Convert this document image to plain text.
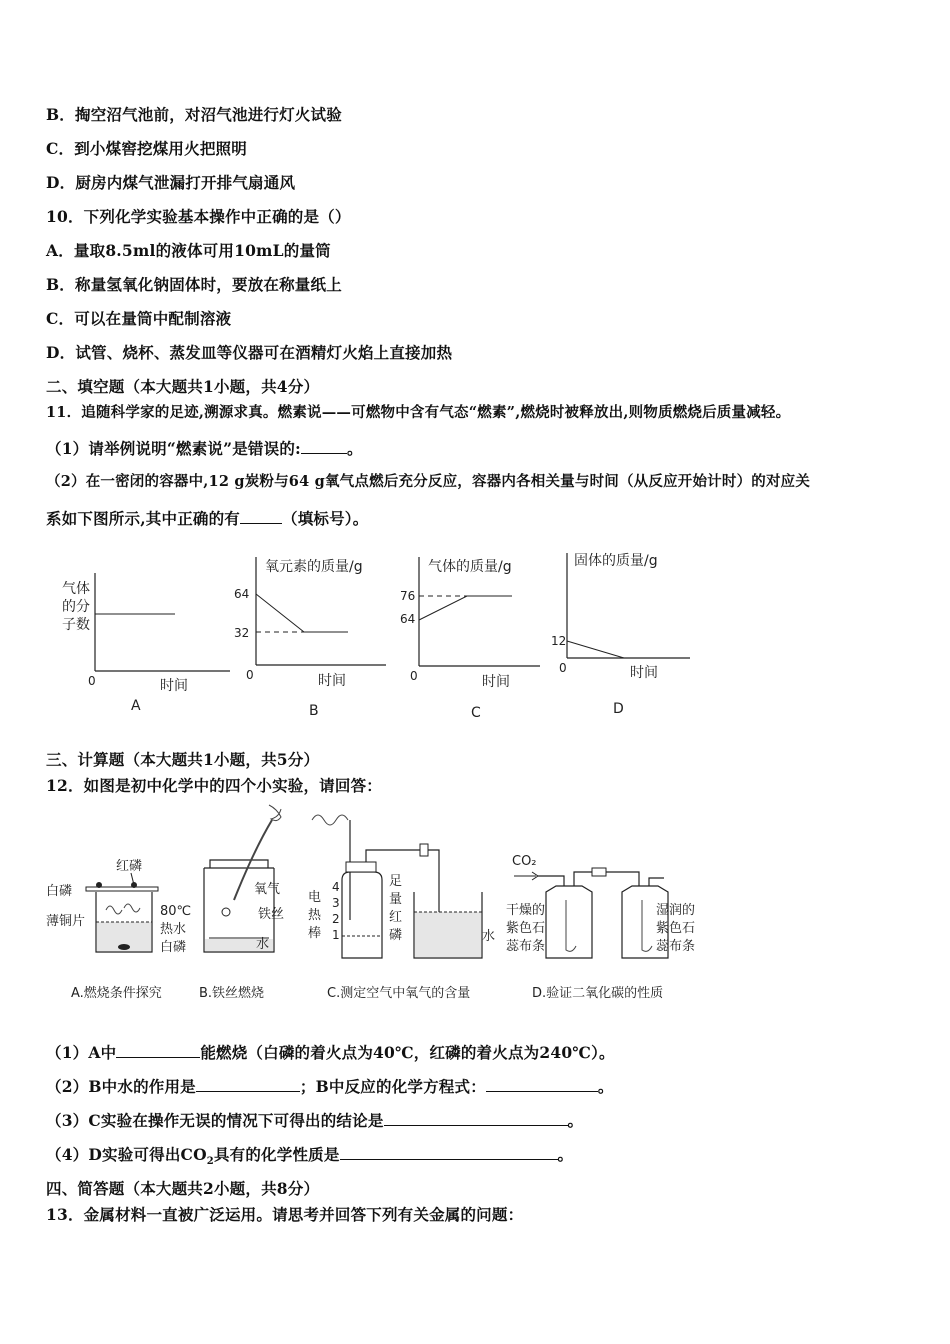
B．掏空沼气池前，对沼气池进行灯火试验
C．到小煤窖挖煤用火把照明
D．厨房内煤气泄漏打开排气扇通风
10．下列化学实验基本操作中正确的是（）
A．量取8.5ml的液体可用10mL的量筒
B．称量氢氧化钠固体时，要放在称量纸上
C．可以在量筒中配制溶液
D．试管、烧杯、蒸发皿等仪器可在酒精灯火焰上直接加热
二、填空题（本大题共1小题，共4分）
11．追随科学家的足迹,溯源求真。燃素说——可燃物中含有气态“燃素”,燃烧时被释放出,则物质燃烧后质量减轻。
（1）请举例说明“燃素说”是错误的:	。
（2）在一密闭的容器中,12 g炭粉与64 g氧气点燃后充分反应，容器内各相关量与时间（从反应开始计时）的对应关
系如下图所示,其中正确的有	（填标号）。
气体
的分
子数
0	时间
A
氧元素的质量/g
64
32
0	时间
B
气体的质量/g
76
64
0	时间
C
固体的质量/g
12
0	时间
D
三、计算题（本大题共1小题，共5分）
12．如图是初中化学中的四个小实验，请回答：
红磷
白磷
薄铜片
80℃
热水
白磷
A.燃烧条件探究
氧气
铁丝
水
B.铁丝燃烧
4
3
2
1
电
热
棒
足
量
红
磷	水
C.测定空气中氧气的含量
CO₂
干燥的
紫色石
蕊布条
湿润的
紫色石
蕊布条
D.验证二氧化碳的性质
（1）A中	能燃烧（白磷的着火点为40℃，红磷的着火点为240℃）。
（2）B中水的作用是	；B中反应的化学方程式：	。
（3）C实验在操作无误的情况下可得出的结论是	。
（4）D实验可得出$CO_2$具有的化学性质是	。
四、简答题（本大题共2小题，共8分）
13．金属材料一直被广泛运用。请思考并回答下列有关金属的问题：
